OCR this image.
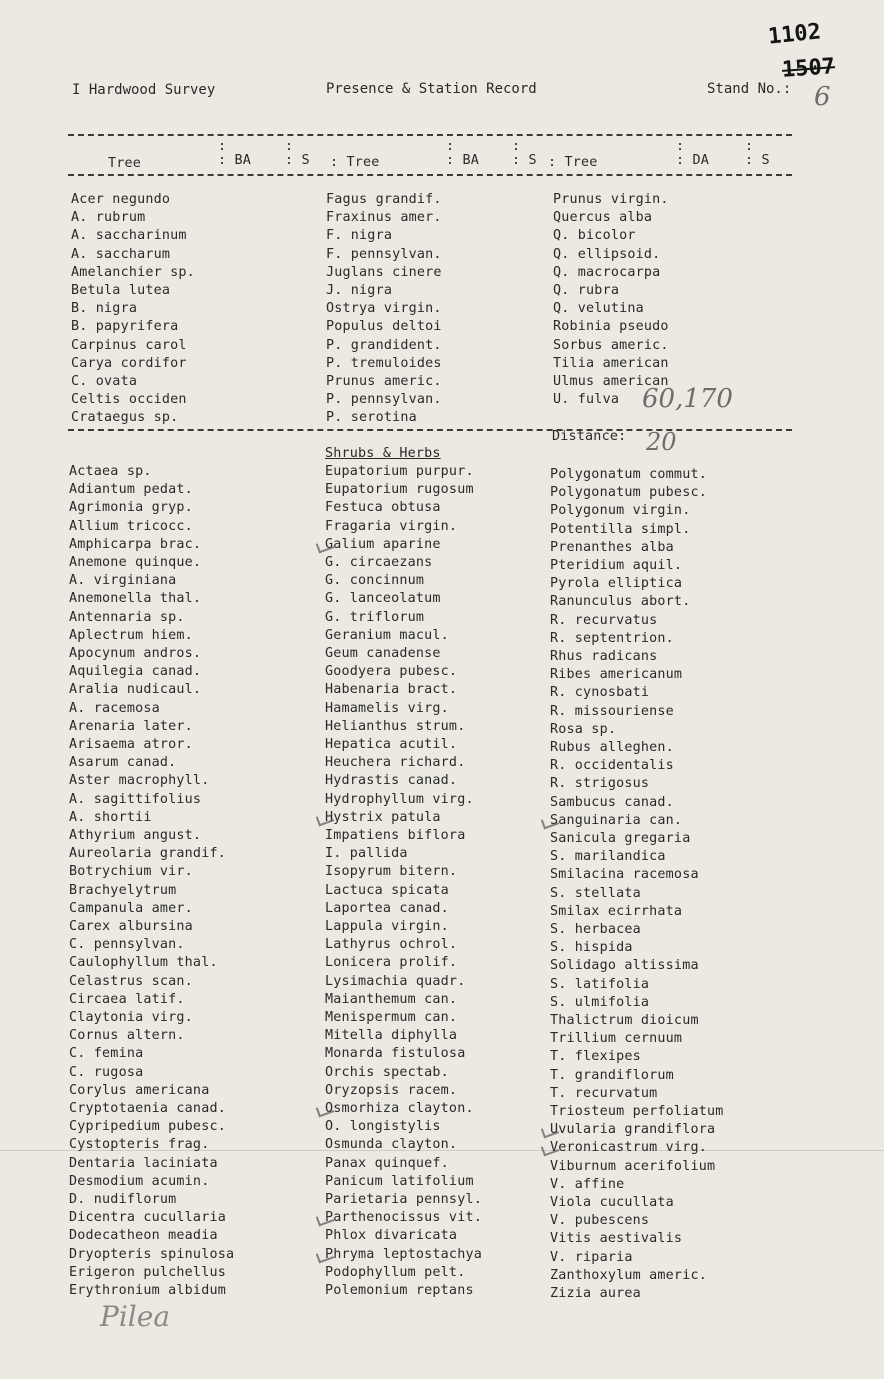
I Hardwood Survey	Presence & Station Record	Stand No.: 6
1102
1507
:	:	:	:	:	:
Tree	: BA	: S : Tree	: BA : S : Tree	: DA	: S
Acer negundo
A. rubrum
A. saccharinum
A. saccharum
Amelanchier sp.
Betula lutea
B. nigra
B. papyrifera
Carpinus carol
Carya cordifor
C. ovata
Celtis occiden
Crataegus sp.
Fagus grandif.
Fraxinus amer.
F. nigra
F. pennsylvan.
Juglans cinere
J. nigra
Ostrya virgin.
Populus deltoi
P. grandident.
P. tremuloides
Prunus americ.
P. pennsylvan.
P. serotina
Prunus virgin.
Quercus alba
Q. bicolor
Q. ellipsoid.
Q. macrocarpa
Q. rubra
Q. velutina
Robinia pseudo
Sorbus americ.
Tilia american
Ulmus american
U. fulva 60,170
Distance: 20
Shrubs & Herbs
Actaea sp.
Adiantum pedat.
Agrimonia gryp.
Allium tricocc.
Amphicarpa brac.
Anemone quinque.
A. virginiana
Anemonella thal.
Antennaria sp.
Aplectrum hiem.
Apocynum andros.
Aquilegia canad.
Aralia nudicaul.
A. racemosa
Arenaria later.
Arisaema atror.
Asarum canad.
Aster macrophyll.
A. sagittifolius
A. shortii
Athyrium angust.
Aureolaria grandif.
Botrychium vir.
Brachyelytrum
Campanula amer.
Carex albursina
C. pennsylvan.
Caulophyllum thal.
Celastrus scan.
Circaea latif.
Claytonia virg.
Cornus altern.
C. femina
C. rugosa
Corylus americana
Cryptotaenia canad.
Cypripedium pubesc.
Cystopteris frag.
Dentaria laciniata
Desmodium acumin.
D. nudiflorum
Dicentra cucullaria
Dodecatheon meadia
Dryopteris spinulosa
Erigeron pulchellus
Erythronium albidum
Eupatorium purpur.
Eupatorium rugosum
Festuca obtusa
Fragaria virgin.
Galium aparine
G. circaezans
G. concinnum
G. lanceolatum
G. triflorum
Geranium macul.
Geum canadense
Goodyera pubesc.
Habenaria bract.
Hamamelis virg.
Helianthus strum.
Hepatica acutil.
Heuchera richard.
Hydrastis canad.
Hydrophyllum virg.
Hystrix patula
Impatiens biflora
I. pallida
Isopyrum bitern.
Lactuca spicata
Laportea canad.
Lappula virgin.
Lathyrus ochrol.
Lonicera prolif.
Lysimachia quadr.
Maianthemum can.
Menispermum can.
Mitella diphylla
Monarda fistulosa
Orchis spectab.
Oryzopsis racem.
Osmorhiza clayton.
O. longistylis
Osmunda clayton.
Panax quinquef.
Panicum latifolium
Parietaria pennsyl.
Parthenocissus vit.
Phlox divaricata
Phryma leptostachya
Podophyllum pelt.
Polemonium reptans
Polygonatum commut.
Polygonatum pubesc.
Polygonum virgin.
Potentilla simpl.
Prenanthes alba
Pteridium aquil.
Pyrola elliptica
Ranunculus abort.
R. recurvatus
R. septentrion.
Rhus radicans
Ribes americanum
R. cynosbati
R. missouriense
Rosa sp.
Rubus alleghen.
R. occidentalis
R. strigosus
Sambucus canad.
Sanguinaria can.
Sanicula gregaria
S. marilandica
Smilacina racemosa
S. stellata
Smilax ecirrhata
S. herbacea
S. hispida
Solidago altissima
S. latifolia
S. ulmifolia
Thalictrum dioicum
Trillium cernuum
T. flexipes
T. grandiflorum
T. recurvatum
Triosteum perfoliatum
Uvularia grandiflora
Veronicastrum virg.
Viburnum acerifolium
V. affine
Viola cucullata
V. pubescens
Vitis aestivalis
V. riparia
Zanthoxylum americ.
Zizia aurea
Pilea
